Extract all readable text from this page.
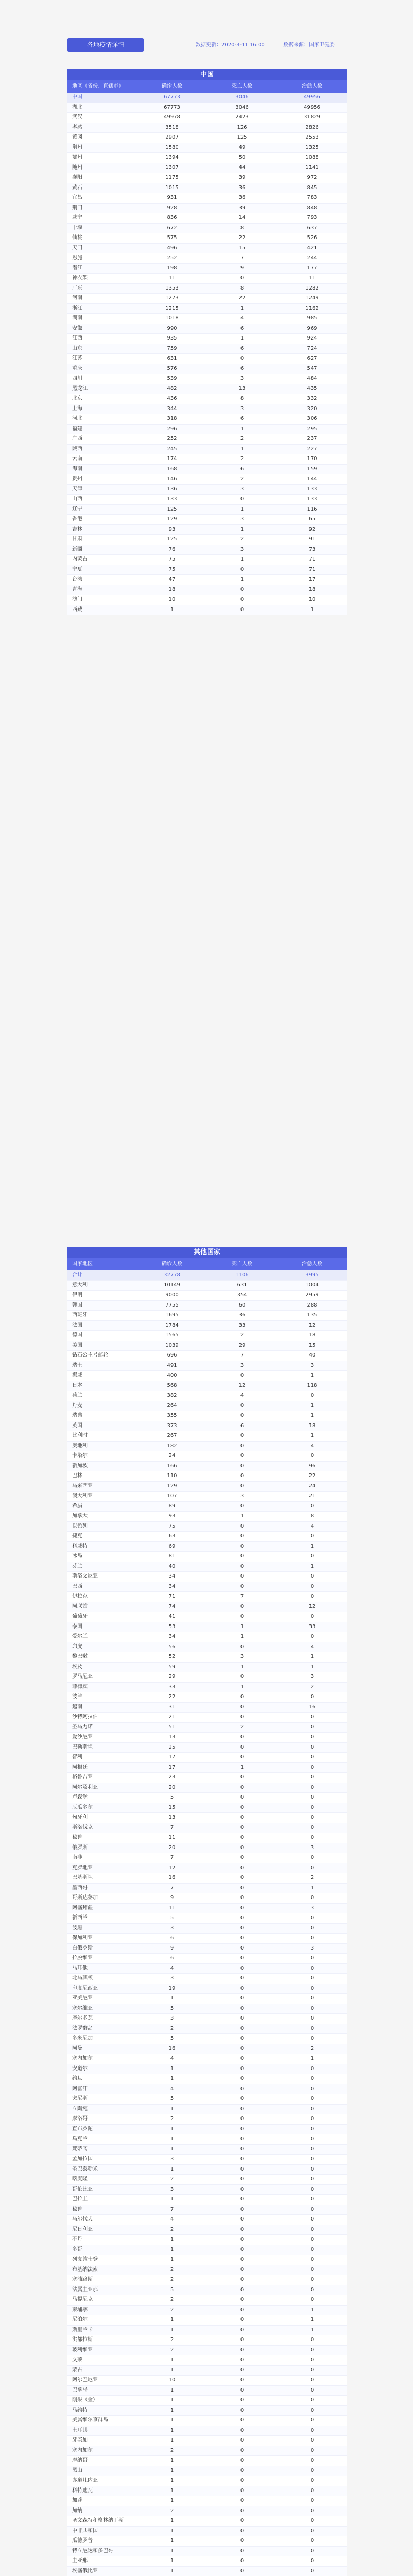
各地疫情详情	数据更新：2020-3-11 16:00	数据来源：国家卫健委
中国
地区（省份、直辖市）	确诊人数	死亡人数	治愈人数
中国	67773	3046	49956
湖北	67773	3046	49956
武汉	49978	2423	31829
孝感	3518	126	2826
黄冈	2907	125	2553
荆州	1580	49	1325
鄂州	1394	50	1088
随州	1307	44	1141
襄阳	1175	39	972
黄石	1015	36	845
宜昌	931	36	783
荆门	928	39	848
咸宁	836	14	793
十堰	672	8	637
仙桃	575	22	526
天门	496	15	421
恩施	252	7	244
潜江	198	9	177
神农架	11	0	11
广东	1353	8	1282
河南	1273	22	1249
浙江	1215	1	1162
湖南	1018	4	985
安徽	990	6	969
江西	935	1	924
山东	759	6	724
江苏	631	0	627
重庆	576	6	547
四川	539	3	484
黑龙江	482	13	435
北京	436	8	332
上海	344	3	320
河北	318	6	306
福建	296	1	295
广西	252	2	237
陕西	245	1	227
云南	174	2	170
海南	168	6	159
贵州	146	2	144
天津	136	3	133
山西	133	0	133
辽宁	125	1	116
香港	129	3	65
吉林	93	1	92
甘肃	125	2	91
新疆	76	3	73
内蒙古	75	1	71
宁夏	75	0	71
台湾	47	1	17
青海	18	0	18
澳门	10	0	10
西藏	1	0	1
其他国家
国家地区	确诊人数	死亡人数	治愈人数
合计	32778	1106	3995
意大利	10149	631	1004
伊朗	9000	354	2959
韩国	7755	60	288
西班牙	1695	36	135
法国	1784	33	12
德国	1565	2	18
美国	1039	29	15
钻石公主号邮轮	696	7	40
瑞士	491	3	3
挪威	400	0	1
日本	568	12	118
荷兰	382	4	0
丹麦	264	0	1
瑞典	355	0	1
英国	373	6	18
比利时	267	0	1
奥地利	182	0	4
卡塔尔	24	0	0
新加坡	166	0	96
巴林	110	0	22
马来西亚	129	0	24
澳大利亚	107	3	21
希腊	89	0	0
加拿大	93	1	8
以色列	75	0	4
捷克	63	0	0
科威特	69	0	1
冰岛	81	0	0
芬兰	40	0	1
斯洛文尼亚	34	0	0
巴西	34	0	0
伊拉克	71	7	0
阿联酋	74	0	12
葡萄牙	41	0	0
泰国	53	1	33
爱尔兰	34	1	0
印度	56	0	4
黎巴嫩	52	3	1
埃及	59	1	1
罗马尼亚	29	0	3
菲律宾	33	1	2
波兰	22	0	0
越南	31	0	16
沙特阿拉伯	21	0	0
圣马力诺	51	2	0
爱沙尼亚	13	0	0
巴勒斯坦	25	0	0
智利	17	0	0
阿根廷	17	1	0
格鲁吉亚	23	0	0
阿尔及利亚	20	0	0
卢森堡	5	0	0
厄瓜多尔	15	0	0
匈牙利	13	0	0
斯洛伐克	7	0	0
秘鲁	11	0	0
俄罗斯	20	0	3
南非	7	0	0
克罗地亚	12	0	0
巴基斯坦	16	0	2
墨西哥	7	0	1
哥斯达黎加	9	0	0
阿塞拜疆	11	0	3
新西兰	5	0	0
波黑	3	0	0
保加利亚	6	0	0
白俄罗斯	9	0	3
拉脱维亚	6	0	0
马耳他	4	0	0
北马其顿	3	0	0
印度尼西亚	19	0	0
亚美尼亚	1	0	0
塞尔维亚	5	0	0
摩尔多瓦	3	0	0
法罗群岛	2	0	0
多米尼加	5	0	0
阿曼	16	0	2
塞内加尔	4	0	1
安道尔	1	0	0
约旦	1	0	0
阿富汗	4	0	0
突尼斯	5	0	0
立陶宛	1	0	0
摩洛哥	2	0	0
直布罗陀	1	0	0
乌克兰	1	0	0
梵蒂冈	1	0	0
孟加拉国	3	0	0
圣巴泰勒米	1	0	0
喀麦隆	2	0	0
哥伦比亚	3	0	0
巴拉圭	1	0	0
秘鲁	7	0	0
马尔代夫	4	0	0
尼日利亚	2	0	0
不丹	1	0	0
多哥	1	0	0
列支敦士登	1	0	0
布基纳法索	2	0	0
塞浦路斯	2	0	0
法属圭亚那	5	0	0
马提尼克	2	0	0
柬埔寨	2	0	1
尼泊尔	1	0	1
斯里兰卡	1	0	1
洪都拉斯	2	0	0
玻利维亚	2	0	0
文莱	1	0	0
蒙古	1	0	0
阿尔巴尼亚	10	0	0
巴拿马	1	0	0
刚果（金）	1	0	0
马约特	1	0	0
美属维尔京群岛	1	0	0
土耳其	1	0	0
牙买加	1	0	0
塞内加尔	2	0	0
摩纳哥	1	0	0
黑山	1	0	0
赤道几内亚	1	0	0
科特迪瓦	1	0	0
加蓬	1	0	0
加纳	2	0	0
圣文森特和格林纳丁斯	1	0	0
中非共和国	1	0	0
瓜德罗普	1	0	0
特立尼达和多巴哥	1	0	0
圭亚那	1	0	0
埃塞俄比亚	1	0	0
